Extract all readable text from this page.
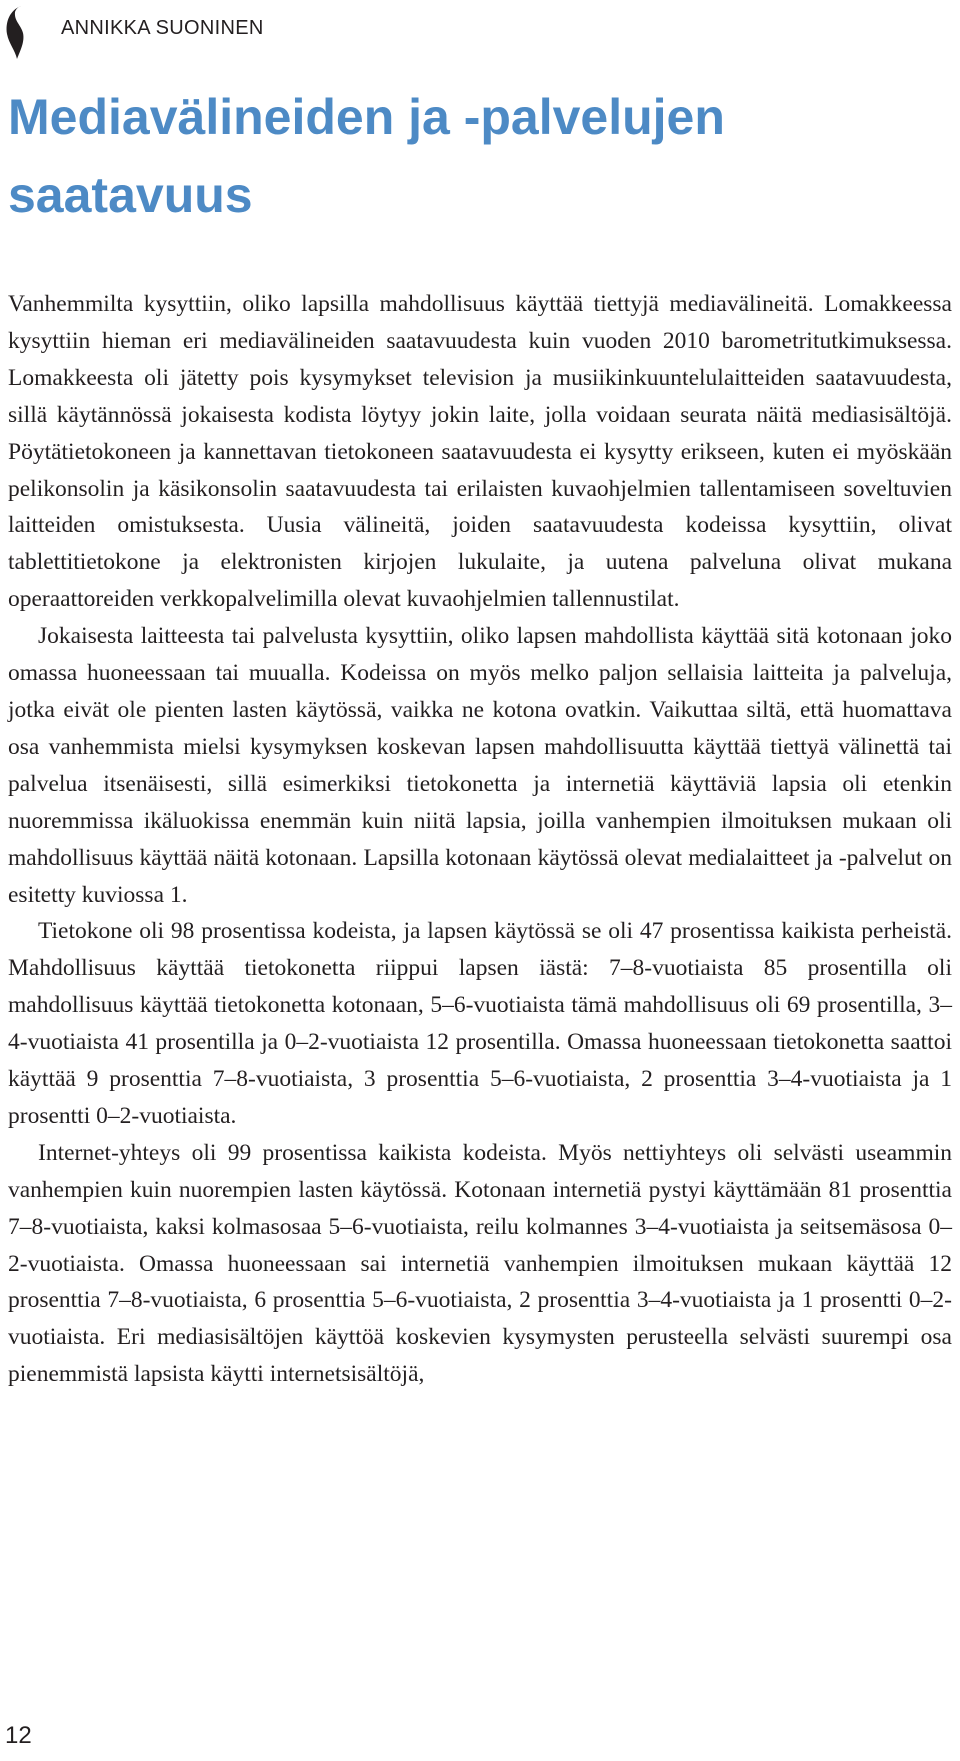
ANNIKKA SUONINEN
Mediavälineiden ja -palvelujen saatavuus

Vanhemmilta kysyttiin, oliko lapsilla mahdollisuus käyttää tiettyjä mediavälineitä. Lomakkeessa kysyttiin hieman eri mediavälineiden saatavuudesta kuin vuoden 2010 barometritutkimuksessa. Lomakkeesta oli jätetty pois kysymykset television ja musiikinkuuntelulaitteiden saatavuudesta, sillä käytännössä jokaisesta kodista löytyy jokin laite, jolla voidaan seurata näitä mediasisältöjä. Pöytätietokoneen ja kannettavan tietokoneen saatavuudesta ei kysytty erikseen, kuten ei myöskään pelikonsolin ja käsikonsolin saatavuudesta tai erilaisten kuvaohjelmien tallentamiseen soveltuvien laitteiden omistuksesta. Uusia välineitä, joiden saatavuudesta kodeissa kysyttiin, olivat tablettitietokone ja elektronisten kirjojen lukulaite, ja uutena palveluna olivat mukana operaattoreiden verkkopalvelimilla olevat kuvaohjelmien tallennustilat.

Jokaisesta laitteesta tai palvelusta kysyttiin, oliko lapsen mahdollista käyttää sitä kotonaan joko omassa huoneessaan tai muualla. Kodeissa on myös melko paljon sellaisia laitteita ja palveluja, jotka eivät ole pienten lasten käytössä, vaikka ne kotona ovatkin. Vaikuttaa siltä, että huomattava osa vanhemmista mielsi kysymyksen koskevan lapsen mahdollisuutta käyttää tiettyä välinettä tai palvelua itsenäisesti, sillä esimerkiksi tietokonetta ja internetiä käyttäviä lapsia oli etenkin nuoremmissa ikäluokissa enemmän kuin niitä lapsia, joilla vanhempien ilmoituksen mukaan oli mahdollisuus käyttää näitä kotonaan. Lapsilla kotonaan käytössä olevat medialaitteet ja -palvelut on esitetty kuviossa 1.

Tietokone oli 98 prosentissa kodeista, ja lapsen käytössä se oli 47 prosentissa kaikista perheistä. Mahdollisuus käyttää tietokonetta riippui lapsen iästä: 7–8-vuotiaista 85 prosentilla oli mahdollisuus käyttää tietokonetta kotonaan, 5–6-vuotiaista tämä mahdollisuus oli 69 prosentilla, 3–4-vuotiaista 41 prosentilla ja 0–2-vuotiaista 12 prosentilla. Omassa huoneessaan tietokonetta saattoi käyttää 9 prosenttia 7–8-vuotiaista, 3 prosenttia 5–6-vuotiaista, 2 prosenttia 3–4-vuotiaista ja 1 prosentti 0–2-vuotiaista.

Internet-yhteys oli 99 prosentissa kaikista kodeista. Myös nettiyhteys oli selvästi useammin vanhempien kuin nuorempien lasten käytössä. Kotonaan internetiä pystyi käyttämään 81 prosenttia 7–8-vuotiaista, kaksi kolmasosaa 5–6-vuotiaista, reilu kolmannes 3–4-vuotiaista ja seitsemäsosa 0–2-vuotiaista. Omassa huoneessaan sai internetiä vanhempien ilmoituksen mukaan käyttää 12 prosenttia 7–8-vuotiaista, 6 prosenttia 5–6-vuotiaista, 2 prosenttia 3–4-vuotiaista ja 1 prosentti 0–2-vuotiaista. Eri mediasisältöjen käyttöä koskevien kysymysten perusteella selvästi suurempi osa pienemmistä lapsista käytti internetsisältöjä,

12
